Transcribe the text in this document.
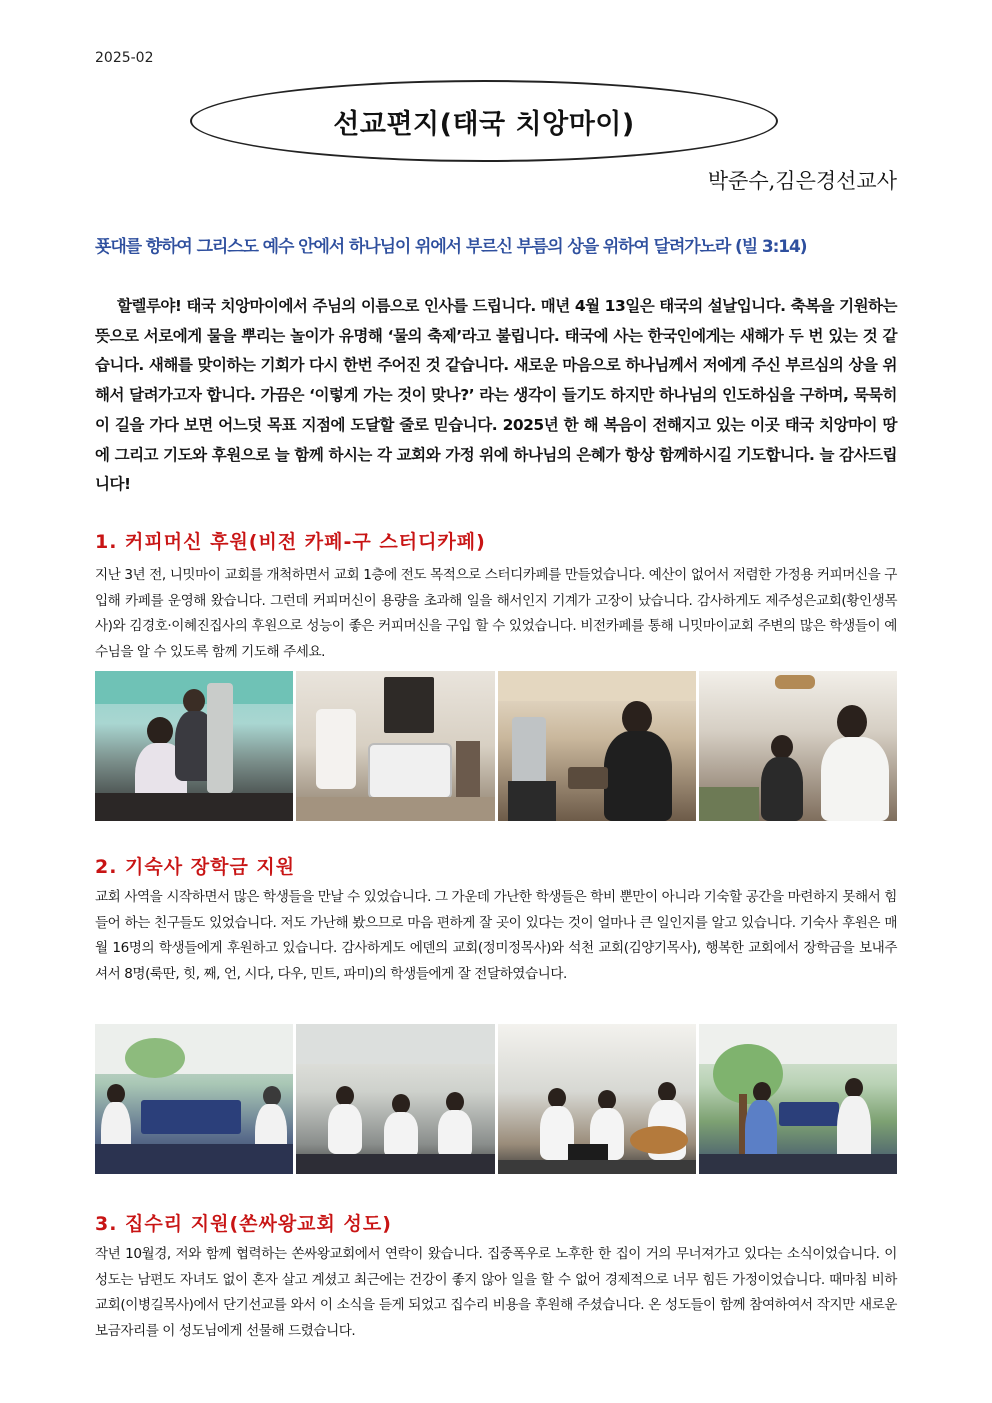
2025-02
선교편지(태국 치앙마이)
박준수,김은경선교사
푯대를 향하여 그리스도 예수 안에서 하나님이 위에서 부르신 부름의 상을 위하여 달려가노라 (빌 3:14)

할렐루야! 태국 치앙마이에서 주님의 이름으로 인사를 드립니다. 매년 4월 13일은 태국의 설날입니다. 축복을 기원하는 뜻으로 서로에게 물을 뿌리는 놀이가 유명해 ‘물의 축제’라고 불립니다. 태국에 사는 한국인에게는 새해가 두 번 있는 것 같습니다. 새해를 맞이하는 기회가 다시 한번 주어진 것 같습니다. 새로운 마음으로 하나님께서 저에게 주신 부르심의 상을 위해서 달려가고자 합니다. 가끔은 ‘이렇게 가는 것이 맞나?’ 라는 생각이 들기도 하지만 하나님의 인도하심을 구하며, 묵묵히 이 길을 가다 보면 어느덧 목표 지점에 도달할 줄로 믿습니다. 2025년 한 해 복음이 전해지고 있는 이곳 태국 치앙마이 땅에 그리고 기도와 후원으로 늘 함께 하시는 각 교회와 가정 위에 하나님의 은혜가 항상 함께하시길 기도합니다. 늘 감사드립니다!

1. 커피머신 후원(비전 카페-구 스터디카페)

지난 3년 전, 니밋마이 교회를 개척하면서 교회 1층에 전도 목적으로 스터디카페를 만들었습니다. 예산이 없어서 저렴한 가정용 커피머신을 구입해 카페를 운영해 왔습니다. 그런데 커피머신이 용량을 초과해 일을 해서인지 기계가 고장이 났습니다. 감사하게도 제주성은교회(황인생목사)와 김경호·이혜진집사의 후원으로 성능이 좋은 커피머신을 구입 할 수 있었습니다. 비전카페를 통해 니밋마이교회 주변의 많은 학생들이 예수님을 알 수 있도록 함께 기도해 주세요.

2. 기숙사 장학금 지원

교회 사역을 시작하면서 많은 학생들을 만날 수 있었습니다. 그 가운데 가난한 학생들은 학비 뿐만이 아니라 기숙할 공간을 마련하지 못해서 힘들어 하는 친구들도 있었습니다. 저도 가난해 봤으므로 마음 편하게 잘 곳이 있다는 것이 얼마나 큰 일인지를 알고 있습니다. 기숙사 후원은 매월 16명의 학생들에게 후원하고 있습니다. 감사하게도 에덴의 교회(정미정목사)와 석천 교회(김양기목사), 행복한 교회에서 장학금을 보내주셔서 8명(룩딴, 힛, 째, 언, 시다, 다우, 민트, 파미)의 학생들에게 잘 전달하였습니다.

3. 집수리 지원(쏜싸왕교회 성도)

작년 10월경, 저와 함께 협력하는 쏜싸왕교회에서 연락이 왔습니다. 집중폭우로 노후한 한 집이 거의 무너져가고 있다는 소식이었습니다. 이 성도는 남편도 자녀도 없이 혼자 살고 계셨고 최근에는 건강이 좋지 않아 일을 할 수 없어 경제적으로 너무 힘든 가정이었습니다. 때마침 비하교회(이병길목사)에서 단기선교를 와서 이 소식을 듣게 되었고 집수리 비용을 후원해 주셨습니다. 온 성도들이 함께 참여하여서 작지만 새로운 보금자리를 이 성도님에게 선물해 드렸습니다.
